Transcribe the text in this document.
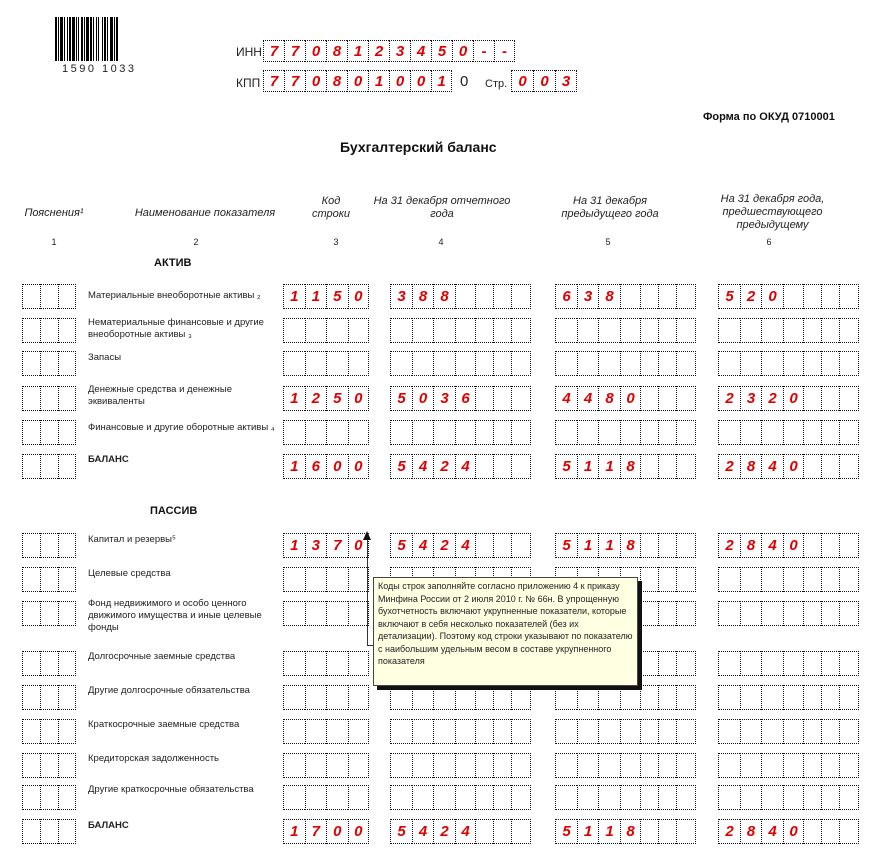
1590 1033
ИНН 7 7 0 8 1 2 3 4 5 0 -	-
КПП 7 7 0 8 0 1 0 0 1 0 Стр. 0 0 3
Форма по ОКУД 0710001
Бухгалтерский баланс
Пояснения¹	Наименование показателя
Код строки
На 31 декабря отчетного года
На 31 декабря предыдущего года
На 31 декабря года, предшествующего предыдущему
1	2	3	4	5	6
АКТИВ
ПАССИВ
Материальные внеоборотные активы ₂	1 1 5 0	3 8 8	6 3 8	5 2 0
Нематериальные финансовые и другие внеоборотные активы ₃
Запасы
Денежные средства и денежные эквиваленты	1 2 5 0	5 0 3 6	4 4 8 0	2 3 2 0
Финансовые и другие оборотные активы ₄
БАЛАНС	1 6 0 0	5 4 2 4	5 1 1 8	2 8 4 0
Капитал и резервы⁵	1 3 7 0	5 4 2 4	5 1 1 8	2 8 4 0
Целевые средства
Фонд недвижимого и особо ценного движимого имущества и иные целевые фонды
Долгосрочные заемные средства
Другие долгосрочные обязательства
Краткосрочные заемные средства
Кредиторская задолженность
Другие краткосрочные обязательства
БАЛАНС	1 7 0 0	5 4 2 4	5 1 1 8	2 8 4 0
Коды строк заполняйте согласно приложению 4 к приказу Минфина России от 2 июля 2010 г. № 66н. В упрощенную бухотчетность включают укрупненные показатели, которые включают в себя несколько показателей (без их детализации). Поэтому код строки указывают по показателю с наибольшим удельным весом в составе укрупненного показателя
